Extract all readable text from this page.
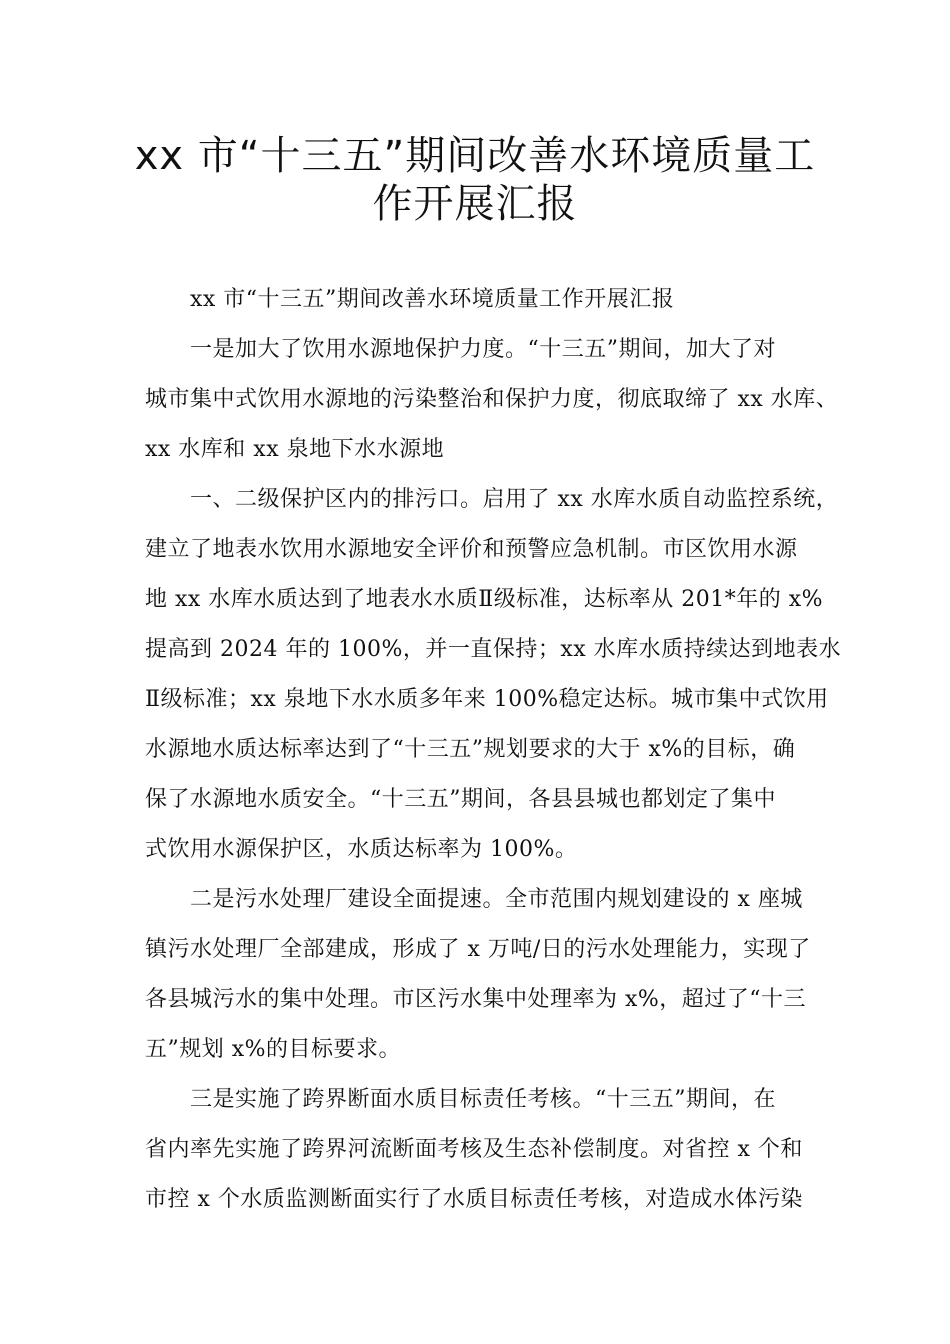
xx 市“十三五”期间改善水环境质量工
作开展汇报
xx 市“十三五”期间改善水环境质量工作开展汇报
一是加大了饮用水源地保护力度。“十三五”期间，加大了对
城市集中式饮用水源地的污染整治和保护力度，彻底取缔了 xx 水库、
xx 水库和 xx 泉地下水水源地
一、二级保护区内的排污口。启用了 xx 水库水质自动监控系统，
建立了地表水饮用水源地安全评价和预警应急机制。市区饮用水源
地 xx 水库水质达到了地表水水质Ⅱ级标准，达标率从 201*年的 x%
提高到 2024 年的 100%，并一直保持；xx 水库水质持续达到地表水
Ⅱ级标准；xx 泉地下水水质多年来 100%稳定达标。城市集中式饮用
水源地水质达标率达到了“十三五”规划要求的大于 x%的目标，确
保了水源地水质安全。“十三五”期间，各县县城也都划定了集中
式饮用水源保护区，水质达标率为 100%。
二是污水处理厂建设全面提速。全市范围内规划建设的 x 座城
镇污水处理厂全部建成，形成了 x 万吨/日的污水处理能力，实现了
各县城污水的集中处理。市区污水集中处理率为 x%，超过了“十三
五”规划 x%的目标要求。
三是实施了跨界断面水质目标责任考核。“十三五”期间，在
省内率先实施了跨界河流断面考核及生态补偿制度。对省控 x 个和
市控 x 个水质监测断面实行了水质目标责任考核，对造成水体污染
